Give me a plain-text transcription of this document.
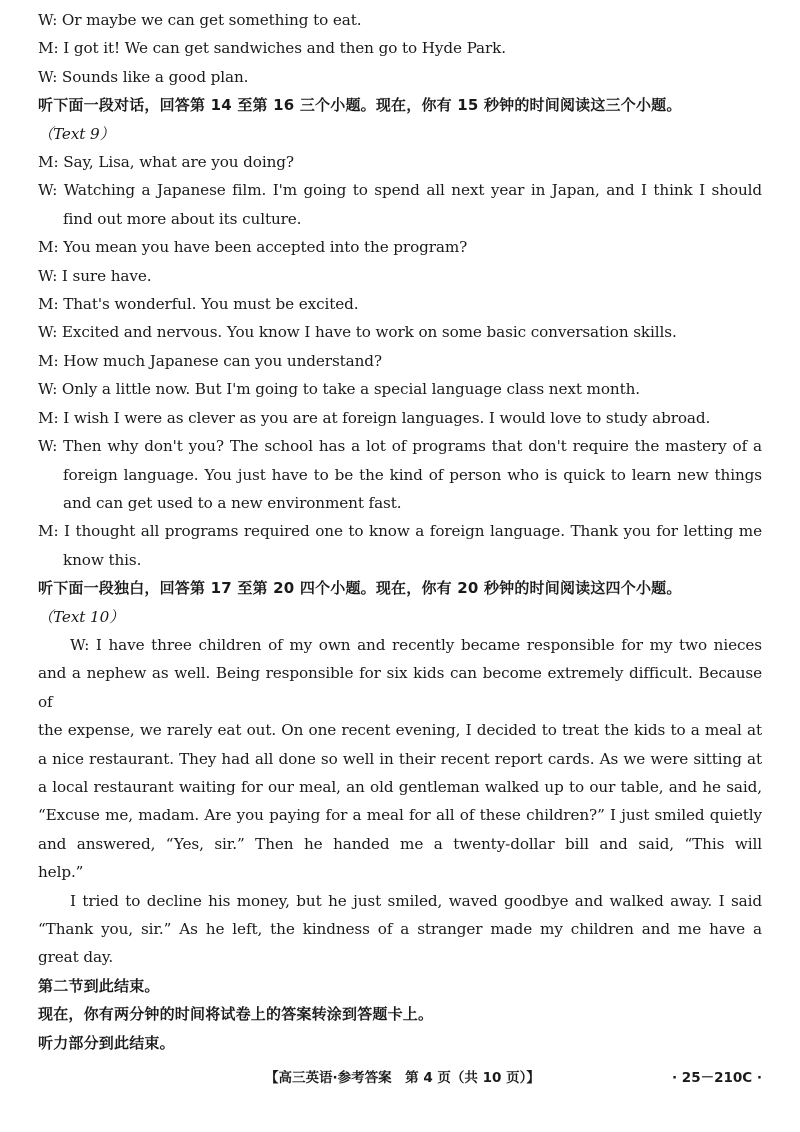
W: Or maybe we can get something to eat.
M: I got it! We can get sandwiches and then go to Hyde Park.
W: Sounds like a good plan.
听下面一段对话，回答第 14 至第 16 三个小题。现在，你有 15 秒钟的时间阅读这三个小题。
（Text 9）
M: Say, Lisa, what are you doing?
W: Watching a Japanese film. I'm going to spend all next year in Japan, and I think I should
find out more about its culture.
M: You mean you have been accepted into the program?
W: I sure have.
M: That's wonderful. You must be excited.
W: Excited and nervous. You know I have to work on some basic conversation skills.
M: How much Japanese can you understand?
W: Only a little now. But I'm going to take a special language class next month.
M: I wish I were as clever as you are at foreign languages. I would love to study abroad.
W: Then why don't you? The school has a lot of programs that don't require the mastery of a
foreign language. You just have to be the kind of person who is quick to learn new things
and can get used to a new environment fast.
M: I thought all programs required one to know a foreign language. Thank you for letting me
know this.
听下面一段独白，回答第 17 至第 20 四个小题。现在，你有 20 秒钟的时间阅读这四个小题。
（Text 10）
W: I have three children of my own and recently became responsible for my two nieces
and a nephew as well. Being responsible for six kids can become extremely difficult. Because of
the expense, we rarely eat out. On one recent evening, I decided to treat the kids to a meal at
a nice restaurant. They had all done so well in their recent report cards. As we were sitting at
a local restaurant waiting for our meal, an old gentleman walked up to our table, and he said,
“Excuse me, madam. Are you paying for a meal for all of these children?” I just smiled quietly
and answered, “Yes, sir.” Then he handed me a twenty-dollar bill and said, “This will
help.”
I tried to decline his money, but he just smiled, waved goodbye and walked away. I said
“Thank you, sir.” As he left, the kindness of a stranger made my children and me have a
great day.
第二节到此结束。
现在，你有两分钟的时间将试卷上的答案转涂到答题卡上。
听力部分到此结束。
【高三英语·参考答案　第 4 页（共 10 页）】	· 25－210C ·
